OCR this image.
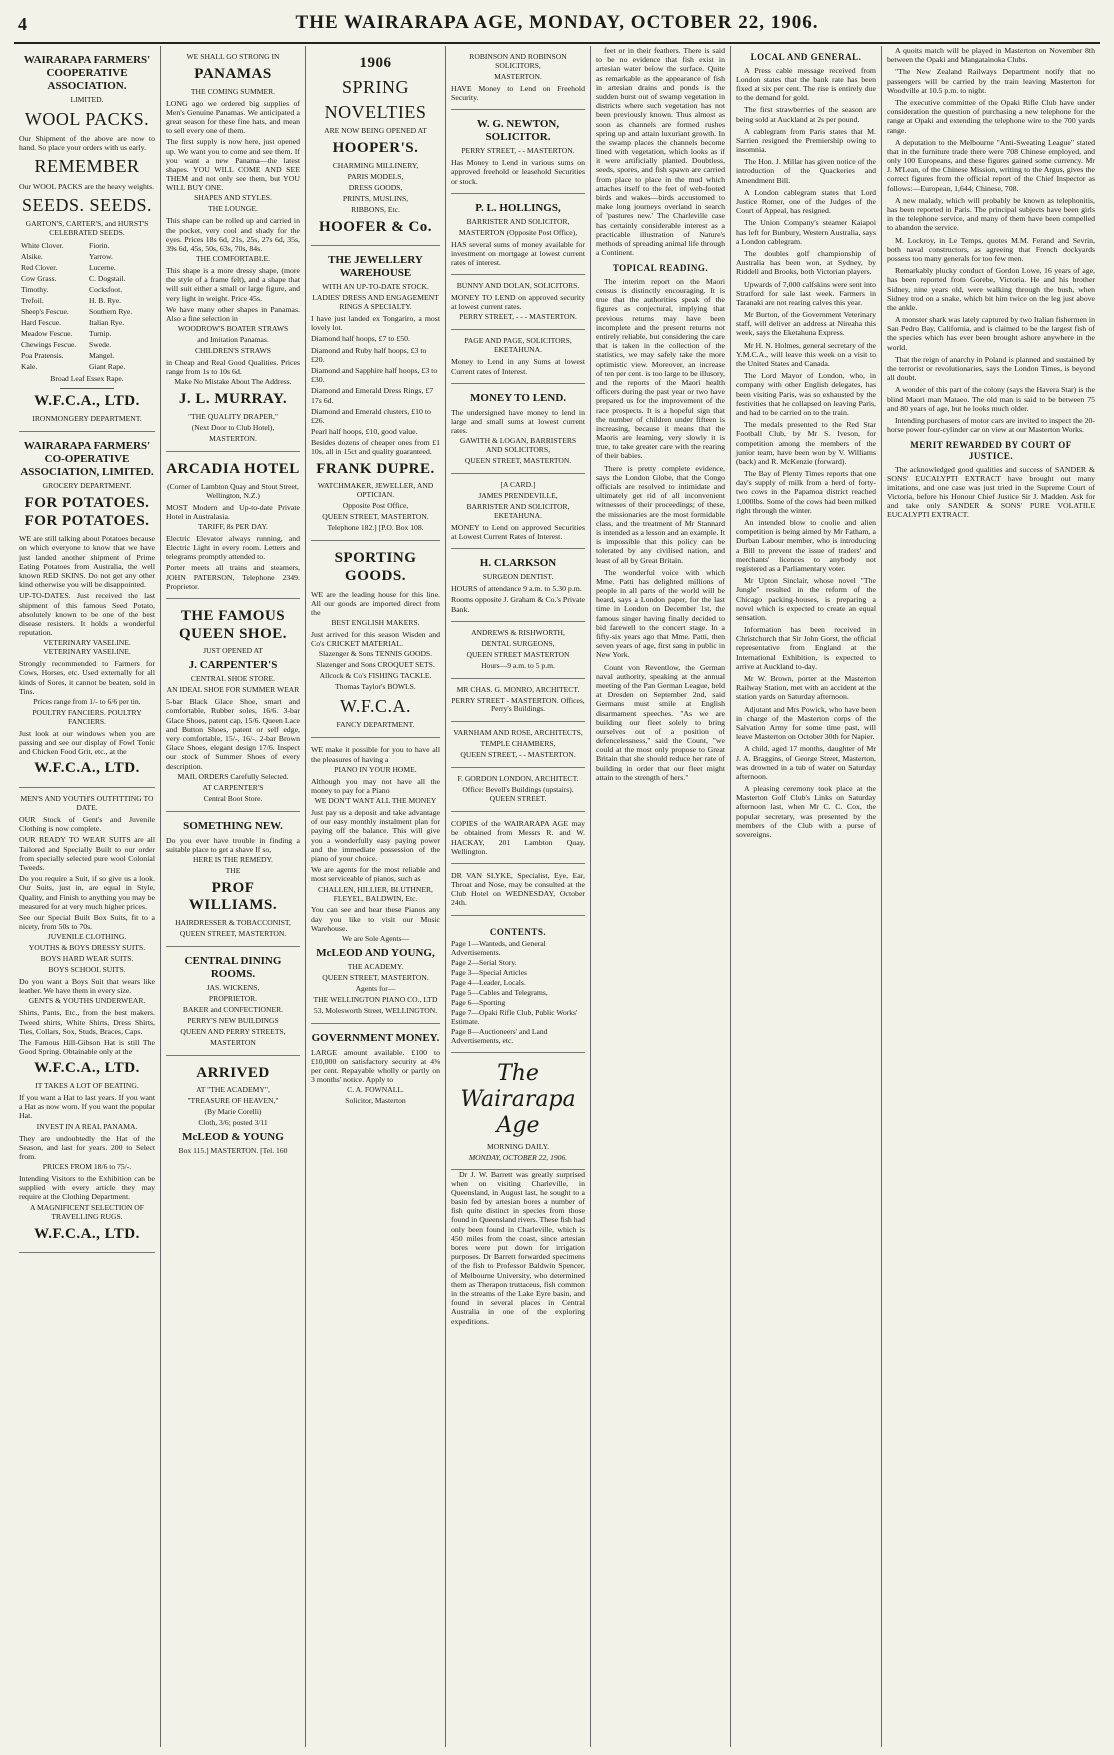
4	THE WAIRARAPA AGE, MONDAY, OCTOBER 22, 1906.
WAIRARAPA FARMERS' COOPERATIVE ASSOCIATION.
LIMITED.
WOOL PACKS.
Our Shipment of the above are now to hand. So place your orders with us early.
REMEMBER
Our WOOL PACKS are the heavy weights.
SEEDS. SEEDS.
GARTON'S, CARTER'S, and HURST'S CELEBRATED SEEDS.
White Clover.	Fiorin.
Alsike.	Yarrow.
Red Clover.	Lucerne.
Cow Grass.	C. Dogstail.
Timothy.	Cocksfoot.
Trefoil.	H. B. Rye.
Sheep's Fescue.	Southern Rye.
Hard Fescue.	Italian Rye.
Meadow Fescue.	Turnip.
Chewings Fescue.	Swede.
Poa Pratensis.	Mangel.
Kale.	Giant Rape.
Broad Leaf Essex Rape.
W.F.C.A., LTD.
IRONMONGERY DEPARTMENT.
WAIRARAPA FARMERS' CO-OPERATIVE ASSOCIATION, LIMITED.
GROCERY DEPARTMENT.
FOR POTATOES. FOR POTATOES.
WE are still talking about Potatoes because on which everyone to know that we have just landed another shipment of Prime Eating Potatoes from Australia, the well known RED SKINS. Do not get any other kind otherwise you will be disappointed.
UP-TO-DATES. Just received the last shipment of this famous Seed Potato, absolutely known to be one of the best disease resisters. It holds a wonderful reputation.
VETERINARY VASELINE. VETERINARY VASELINE.
Strongly recommended to Farmers for Cows, Horses, etc. Used externally for all kinds of Sores, it cannot be beaten, sold in Tins.
Prices range from 1/- to 6/6 per tin.
POULTRY FANCIERS. POULTRY FANCIERS.
Just look at our windows when you are passing and see our display of Fowl Tonic and Chicken Food Grit, etc., at the
W.F.C.A., LTD.
MEN'S AND YOUTH'S OUTFITTING TO DATE.
OUR Stock of Gent's and Juvenile Clothing is now complete.
OUR READY TO WEAR SUITS are all Tailored and Specially Built to our order from specially selected pure wool Colonial Tweeds.
Do you require a Suit, if so give us a look. Our Suits, just in, are equal in Style, Quality, and Finish to anything you may be measured for at very much higher prices.
See our Special Built Box Suits, fit to a nicety, from 50s to 70s.
JUVENILE CLOTHING.
YOUTHS & BOYS DRESSY SUITS.
BOYS HARD WEAR SUITS.
BOYS SCHOOL SUITS.
Do you want a Boys Suit that wears like leather. We have them in every size.
GENTS & YOUTHS UNDERWEAR.
Shirts, Pants, Etc., from the best makers. Tweed shirts, White Shirts, Dress Shirts, Ties, Collars, Sox, Studs, Braces, Caps.
The Famous Hill-Gibson Hat is still The Good Spring. Obtainable only at the
W.F.C.A., LTD.
IT TAKES A LOT OF BEATING.
If you want a Hat to last years. If you want a Hat as now worn. If you want the popular Hat.
INVEST IN A REAL PANAMA.
They are undoubtedly the Hat of the Season, and last for years. 200 to Select from.
PRICES FROM 18/6 to 75/-.
Intending Visitors to the Exhibition can be supplied with every article they may require at the Clothing Department.
A MAGNIFICENT SELECTION OF TRAVELLING RUGS.
W.F.C.A., LTD.
WE SHALL GO STRONG IN
PANAMAS
THE COMING SUMMER.
LONG ago we ordered big supplies of Men's Genuine Panamas. We anticipated a great season for these fine hats, and mean to sell every one of them.
The first supply is now here, just opened up. We want you to come and see them. If you want a new Panama—the latest shapes. YOU WILL COME AND SEE THEM and not only see them, but YOU WILL BUY ONE.
SHAPES AND STYLES.
THE LOUNGE.
This shape can be rolled up and carried in the pocket, very cool and shady for the eyes. Prices 18s 6d, 21s, 25s, 27s 6d, 35s, 39s 6d, 45s, 50s, 63s, 70s, 84s.
THE COMFORTABLE.
This shape is a more dressy shape, (more the style of a frame felt), and a shape that will suit either a small or large figure, and very light in weight. Price 45s.
We have many other shapes in Panamas. Also a fine selection in
WOODROW'S BOATER STRAWS
and Imitation Panamas.
CHILDREN'S STRAWS
in Cheap and Real Good Qualities. Prices range from 1s to 10s 6d.
Make No Mistake About The Address.
J. L. MURRAY.
"THE QUALITY DRAPER,"
(Next Door to Club Hotel),
MASTERTON.
ARCADIA HOTEL
(Corner of Lambton Quay and Stout Street, Wellington, N.Z.)
MOST Modern and Up-to-date Private Hotel in Australasia.
TARIFF, 8s PER DAY.
Electric Elevator always running, and Electric Light in every room. Letters and telegrams promptly attended to.
Porter meets all trains and steamers, JOHN PATERSON, Telephone 2349. Proprietor.
THE FAMOUS QUEEN SHOE.
JUST OPENED AT
J. CARPENTER'S
CENTRAL SHOE STORE.
AN IDEAL SHOE FOR SUMMER WEAR
5-bar Black Glace Shoe, smart and comfortable, Rubber soles, 16/6. 3-bar Glace Shoes, patent cap, 15/6. Queen Lace and Button Shoes, patent or self edge, very comfortable, 15/-, 16/-. 2-bar Brown Glace Shoes, elegant design 17/6. Inspect our stock of Summer Shoes of every description.
MAIL ORDERS Carefully Selected.
AT CARPENTER'S
Central Boot Store.
SOMETHING NEW.
Do you ever have trouble in finding a suitable place to get a shave If so,
HERE IS THE REMEDY.
THE
PROF WILLIAMS.
HAIRDRESSER & TOBACCONIST,
QUEEN STREET, MASTERTON.
CENTRAL DINING ROOMS.
JAS. WICKENS,
PROPRIETOR.
BAKER and CONFECTIONER.
PERRY'S NEW BUILDINGS
QUEEN AND PERRY STREETS,
MASTERTON
ARRIVED
AT "THE ACADEMY",
"TREASURE OF HEAVEN,"
(By Marie Corelli)
Cloth, 3/6; posted 3/11
McLEOD & YOUNG
Box 115.] MASTERTON. [Tel. 160
1906
SPRING
NOVELTIES
ARE NOW BEING OPENED AT
HOOPER'S.
CHARMING MILLINERY,
PARIS MODELS,
DRESS GOODS,
PRINTS, MUSLINS,
RIBBONS, Etc.
HOOFER & Co.
THE JEWELLERY WAREHOUSE
WITH AN UP-TO-DATE STOCK.
LADIES' DRESS AND ENGAGEMENT RINGS A SPECIALTY.
I have just landed ex Tongariro, a most lovely lot.
Diamond half hoops, £7 to £50.
Diamond and Ruby half hoops, £3 to £20.
Diamond and Sapphire half hoops, £3 to £30.
Diamond and Emerald Dress Rings, £7 17s 6d.
Diamond and Emerald clusters, £10 to £26.
Pearl half hoops, £10, good value.
Besides dozens of cheaper ones from £1 10s, all in 15ct and quality guaranteed.
FRANK DUPRE.
WATCHMAKER, JEWELLER, AND OPTICIAN.
Opposite Post Office,
QUEEN STREET, MASTERTON.
Telephone 182.] [P.O. Box 108.
SPORTING GOODS.
WE are the leading house for this line. All our goods are imported direct from the
BEST ENGLISH MAKERS.
Just arrived for this season Wisden and Co's CRICKET MATERIAL.
Slazenger & Sons TENNIS GOODS.
Slazenger and Sons CROQUET SETS.
Allcock & Co's FISHING TACKLE.
Thomas Taylor's BOWLS.
W.F.C.A.
FANCY DEPARTMENT.
WE make it possible for you to have all the pleasures of having a
PIANO IN YOUR HOME.
Although you may not have all the money to pay for a Piano
WE DON'T WANT ALL THE MONEY
Just pay us a deposit and take advantage of our easy monthly instalment plan for paying off the balance. This will give you a wonderfully easy paying power and the immediate possession of the piano of your choice.
We are agents for the most reliable and most serviceable of pianos, such as
CHALLEN, HILLIER, BLUTHNER, FLEYEL, BALDWIN, Etc.
You can see and hear these Pianos any day you like to visit our Music Warehouse.
We are Sole Agents—
McLEOD AND YOUNG,
THE ACADEMY.
QUEEN STREET, MASTERTON.
Agents for—
THE WELLINGTON PIANO CO., LTD
53, Molesworth Street, WELLINGTON.
GOVERNMENT MONEY.
LARGE amount available. £100 to £10,000 on satisfactory security at 4⅜ per cent. Repayable wholly or partly on 3 months' notice. Apply to
C. A. FOWNALL.
Solicitor, Masterton
ROBINSON AND ROBINSON SOLICITORS,
MASTERTON.
HAVE Money to Lend on Freehold Security.
W. G. NEWTON, SOLICITOR.
PERRY STREET, - - MASTERTON.
Has Money to Lend in various sums on approved freehold or leasehold Securities or stock.
P. L. HOLLINGS,
BARRISTER AND SOLICITOR,
MASTERTON (Opposite Post Office),
HAS several sums of money available for investment on mortgage at lowest current rates of interest.
BUNNY AND DOLAN, SOLICITORS.
MONEY TO LEND on approved security at lowest current rates.
PERRY STREET, - - - MASTERTON.
PAGE AND PAGE, SOLICITORS, EKETAHUNA.
Money to Lend in any Sums at lowest Current rates of Interest.
MONEY TO LEND.
The undersigned have money to lend in large and small sums at lowest current rates.
GAWITH & LOGAN, BARRISTERS AND SOLICITORS,
QUEEN STREET, MASTERTON.
[A CARD.]
JAMES PRENDEVILLE,
BARRISTER AND SOLICITOR, EKETAHUNA.
MONEY to Lend on approved Securities at Lowest Current Rates of Interest.
H. CLARKSON
SURGEON DENTIST.
HOURS of attendance 9 a.m. to 5.30 p.m.
Rooms opposite J. Graham & Co.'s Private Bank.
ANDREWS & RISHWORTH,
DENTAL SURGEONS,
QUEEN STREET MASTERTON
Hours—9 a.m. to 5 p.m.
MR CHAS. G. MONRO, ARCHITECT.
PERRY STREET - MASTERTON. Offices, Perry's Buildings.
VARNHAM AND ROSE, ARCHITECTS,
TEMPLE CHAMBERS,
QUEEN STREET, - - MASTERTON.
F. GORDON LONDON, ARCHITECT.
Office: Bevell's Buildings (upstairs). QUEEN STREET.
COPIES of the WAIRARAPA AGE may be obtained from Messrs R. and W. HACKAY, 201 Lambton Quay, Wellington.
DR VAN SLYKE, Specialist, Eye, Ear, Throat and Nose, may be consulted at the Club Hotel on WEDNESDAY, October 24th.
CONTENTS.
Page 1—Wanteds, and General Advertisements.
Page 2—Serial Story.
Page 3—Special Articles
Page 4—Leader, Locals.
Page 5—Cables and Telegrams,
Page 6—Sporting
Page 7—Opaki Rifle Club, Public Works' Estimate.
Page 8—Auctioneers' and Land Advertisements, etc.
The Wairarapa Age
MORNING DAILY.
MONDAY, OCTOBER 22, 1906.

Dr J. W. Barrett was greatly surprised when on visiting Charleville, in Queensland, in August last, he sought to a basin fed by artesian bores a number of fish quite distinct in species from those found in Queensland rivers. These fish had only been found in Charleville, which is 450 miles from the coast, since artesian bores were put down for irrigation purposes. Dr Barrett forwarded specimens of the fish to Professor Baldwin Spencer, of Melbourne University, who determined them as Therapon truttaceus, fish common in the streams of the Lake Eyre basin, and found in several places in Central Australia in one of the exploring expeditions.

feet or in their feathers. There is said to be no evidence that fish exist in artesian water below the surface. Quite as remarkable as the appearance of fish in artesian drains and ponds is the sudden burst out of swamp vegetation in districts where such vegetation has not been previously known. Thus almost as soon as channels are formed rushes spring up and attain luxuriant growth. In the swamp places the channels become lined with vegetation, which looks as if it were artificially planted. Doubtless, seeds, spores, and fish spawn are carried from place to place in the mud which attaches itself to the feet of web-footed birds and wakes—birds accustomed to make long journeys overland in search of 'pastures new.' The Charleville case has certainly considerable interest as a practicable illustration of Nature's methods of spreading animal life through a Continent.

TOPICAL READING.

The interim report on the Maori census is distinctly encouraging. It is true that the authorities speak of the figures as conjectural, implying that previous returns may have been incomplete and the present returns not entirely reliable, but considering the care that is taken in the collection of the statistics, we may safely take the more optimistic view. Moreover, an increase of ten per cent. is too large to be illusory, and the reports of the Maori health officers during the past year or two have prepared us for the improvement of the race prospects. It is a hopeful sign that the number of children under fifteen is increasing, because it means that the Maoris are learning, very slowly it is true, to take greater care with the rearing of their babies.

There is pretty complete evidence, says the London Globe, that the Congo officials are resolved to intimidate and ultimately get rid of all inconvenient witnesses of their proceedings; of these, the missionaries are the most formidable class, and the treatment of Mr Stannard is intended as a lesson and an example. It is impossible that this policy can be tolerated by any civilised nation, and least of all by Great Britain.

The wonderful voice with which Mme. Patti has delighted millions of people in all parts of the world will be heard, says a London paper, for the last time in London on December 1st, the famous singer having finally decided to bid farewell to the concert stage. In a fifty-six years ago that Mme. Patti, then seven years of age, first sang in public in New York.

Count von Reventlow, the German naval authority, speaking at the annual meeting of the Pan German League, held at Dresden on September 2nd, said Germans must smile at English disarmament speeches. "As we are building our fleet solely to bring ourselves out of a position of defencelessness," said the Count, "we could at the most only propose to Great Britain that she should reduce her rate of building in order that our fleet might attain to the strength of hers."

LOCAL AND GENERAL.

A Press cable message received from London states that the bank rate has been fixed at six per cent. The rise is entirely due to the demand for gold.

The first strawberries of the season are being sold at Auckland at 2s per pound.

A cablegram from Paris states that M. Sarrien resigned the Premiership owing to insomnia.

The Hon. J. Millar has given notice of the introduction of the Quackeries and Amendment Bill.

A London cablegram states that Lord Justice Romer, one of the Judges of the Court of Appeal, has resigned.

The Union Company's steamer Kaiapoi has left for Bunbury, Western Australia, says a London cablegram.

The doubles golf championship of Australia has been won, at Sydney, by Riddell and Brooks, both Victorian players.

Upwards of 7,000 calfskins were sent into Stratford for sale last week. Farmers in Taranaki are not rearing calves this year.

Mr Burton, of the Government Veterinary staff, will deliver an address at Nireaha this week, says the Eketahuna Express.

Mr H. N. Holmes, general secretary of the Y.M.C.A., will leave this week on a visit to the United States and Canada.

The Lord Mayor of London, who, in company with other English delegates, has been visiting Paris, was so exhausted by the festivities that he collapsed on leaving Paris, and had to be carried on to the train.

The medals presented to the Red Star Football Club, by Mr S. Iveson, for competition among the members of the junior team, have been won by V. Williams (back) and R. McKenzie (forward).

The Bay of Plenty Times reports that one day's supply of milk from a herd of forty-two cows in the Papamoa district reached 1,000lbs. Some of the cows had been milked right through the winter.

An intended blow to coolie and alien competition is being aimed by Mr Fatham, a Durban Labour member, who is introducing a Bill to prevent the issue of traders' and merchants' licences to anybody not registered as a Parliamentary voter.

Mr Upton Sinclair, whose novel "The Jungle" resulted in the reform of the Chicago packing-houses, is preparing a novel which is expected to create an equal sensation.

Information has been received in Christchurch that Sir John Gorst, the official representative from England at the International Exhibition, is expected to arrive at Auckland to-day.

Mr W. Brown, porter at the Masterton Railway Station, met with an accident at the station yards on Saturday afternoon.

Adjutant and Mrs Powick, who have been in charge of the Masterton corps of the Salvation Army for some time past, will leave Masterton on October 30th for Napier.

A child, aged 17 months, daughter of Mr J. A. Braggins, of George Street, Masterton, was drowned in a tub of water on Saturday afternoon.

A pleasing ceremony took place at the Masterton Golf Club's Links on Saturday afternoon last, when Mr C. C. Cox, the popular secretary, was presented by the members of the Club with a purse of sovereigns.

A quoits match will be played in Masterton on November 8th between the Opaki and Mangatainoka Clubs.

"The New Zealand Railways Department notify that no passengers will be carried by the train leaving Masterton for Woodville at 10.5 p.m. to night.

The executive committee of the Opaki Rifle Club have under consideration the question of purchasing a new telephone for the range at Opaki and extending the telephone wire to the 700 yards range.

A deputation to the Melbourne "Anti-Sweating League" stated that in the furniture trade there were 708 Chinese employed, and only 100 Europeans, and these figures gained some currency. Mr J. M'Lean, of the Chinese Mission, writing to the Argus, gives the correct figures from the official report of the Chief Inspector as follows:—European, 1,644; Chinese, 708.

A new malady, which will probably be known as telephonitis, has been reported in Paris. The principal subjects have been girls in the telephone service, and many of them have been compelled to abandon the service.

M. Lockroy, in Le Temps, quotes M.M. Ferand and Sevrin, both naval constructors, as agreeing that French dockyards possess too many generals for too few men.

Remarkably plucky conduct of Gordon Lowe, 16 years of age, has been reported from Gorebe, Victoria. He and his brother Sidney, nine years old, were walking through the bush, when Sidney trod on a snake, which bit him twice on the leg just above the ankle.

A monster shark was lately captured by two Italian fishermen in San Pedro Bay, California, and is claimed to be the largest fish of the species which has ever been brought ashore anywhere in the world.

That the reign of anarchy in Poland is planned and sustained by the terrorist or revolutionaries, says the London Times, is beyond all doubt.

A wonder of this part of the colony (says the Havera Star) is the blind Maori man Mataeo. The old man is said to be between 75 and 80 years of age, but he looks much older.

Intending purchasers of motor cars are invited to inspect the 20-horse power four-cylinder car on view at our Masterton Works.

MERIT REWARDED BY COURT OF JUSTICE.

The acknowledged good qualities and success of SANDER & SONS' EUCALYPTI EXTRACT have brought out many imitations, and one case was just tried in the Supreme Court of Victoria, before his Honour Chief Justice Sir J. Madden. Ask for and take only SANDER & SONS' PURE VOLATILE EUCALYPTI EXTRACT.
